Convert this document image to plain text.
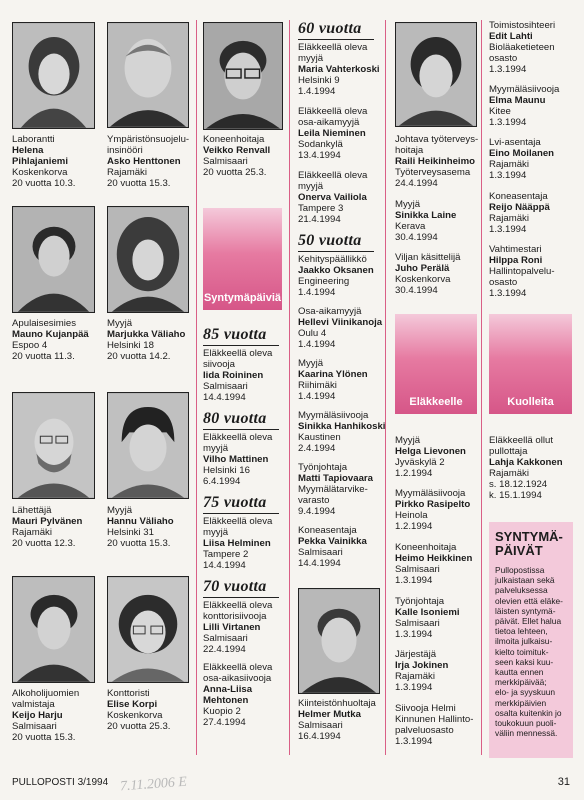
Laborantti
Helena
Pihlajaniemi
Koskenkorva
20 vuotta 10.3.
Apulaisesimies
Mauno Kujanpää
Espoo 4
20 vuotta 11.3.
Lähettäjä
Mauri Pylvänen
Rajamäki
20 vuotta 12.3.
Alkoholijuomien
valmistaja
Keijo Harju
Salmisaari
20 vuotta 15.3.
Ympäristönsuojelu-
insinööri
Asko Henttonen
Rajamäki
20 vuotta 15.3.
Myyjä
Marjukka Väliaho
Helsinki 18
20 vuotta 14.2.
Myyjä
Hannu Väliaho
Helsinki 31
20 vuotta 15.3.
Konttoristi
Elise Korpi
Koskenkorva
20 vuotta 25.3.
Koneenhoitaja
Veikko Renvall
Salmisaari
20 vuotta 25.3.
Syntymäpäiviä
85 vuotta
Eläkkeellä oleva
siivooja
Iida Roininen
Salmisaari
14.4.1994
80 vuotta
Eläkkeellä oleva
myyjä
Vilho Mattinen
Helsinki 16
6.4.1994
75 vuotta
Eläkkeellä oleva
myyjä
Liisa Helminen
Tampere 2
14.4.1994
70 vuotta
Eläkkeellä oleva
konttorisiivooja
Lilli Virtanen
Salmisaari
22.4.1994
Eläkkeellä oleva
osa-aikasiivooja
Anna-Liisa
Mehtonen
Kuopio 2
27.4.1994
60 vuotta
Eläkkeellä oleva
myyjä
Maria Vahterkoski
Helsinki 9
1.4.1994
Eläkkeellä oleva
osa-aikamyyjä
Leila Nieminen
Sodankylä
13.4.1994
Eläkkeellä oleva
myyjä
Onerva Vailiola
Tampere 3
21.4.1994
50 vuotta
Kehityspäällikkö
Jaakko Oksanen
Engineering
1.4.1994
Osa-aikamyyjä
Hellevi Viinikanoja
Oulu 4
1.4.1994
Myyjä
Kaarina Ylönen
Riihimäki
1.4.1994
Myymäläsiivooja
Sinikka Hanhikoski
Kaustinen
2.4.1994
Työnjohtaja
Matti Tapiovaara
Myymälätarvike-
varasto
9.4.1994
Koneasentaja
Pekka Vainikka
Salmisaari
14.4.1994
Kiinteistönhuoltaja
Helmer Mutka
Salmisaari
16.4.1994
Johtava työterveys-
hoitaja
Raili Heikinheimo
Työterveysasema
24.4.1994
Myyjä
Sinikka Laine
Kerava
30.4.1994
Viljan käsittelijä
Juho Perälä
Koskenkorva
30.4.1994
Eläkkeelle
Myyjä
Helga Lievonen
Jyväskylä 2
1.2.1994
Myymäläsiivooja
Pirkko Rasipelto
Heinola
1.2.1994
Koneenhoitaja
Heimo Heikkinen
Salmisaari
1.3.1994
Työnjohtaja
Kalle Isoniemi
Salmisaari
1.3.1994
Järjestäjä
Irja Jokinen
Rajamäki
1.3.1994
Siivooja Helmi
Kinnunen Hallinto-
palveluosasto
1.3.1994
Toimistosihteeri
Edit Lahti
Bioläaketieteen
osasto
1.3.1994
Myymäläsiivooja
Elma Maunu
Kitee
1.3.1994
Lvi-asentaja
Eino Moilanen
Rajamäki
1.3.1994
Koneasentaja
Reijo Nääppä
Rajamäki
1.3.1994
Vahtimestari
Hilppa Roni
Hallintopalvelu-
osasto
1.3.1994
Kuolleita
Eläkkeellä ollut
pullottaja
Lahja Kakkonen
Rajamäki
s. 18.12.1924
k. 15.1.1994
SYNTYMÄ-
PÄIVÄT
Pullopostissa
julkaistaan sekä
palveluksessa
olevien että eläke-
läisten syntymä-
päivät. Ellet halua
tietoa lehteen,
ilmoita julkaisu-
kielto toimituk-
seen kaksi kuu-
kautta ennen
merkkipäivää;
elo- ja syyskuun
merkkipäivien
osalta kuitenkin jo
toukokuun puoli-
väliin mennessä.
PULLOPOSTI 3/1994 7.11.2006 E	31
